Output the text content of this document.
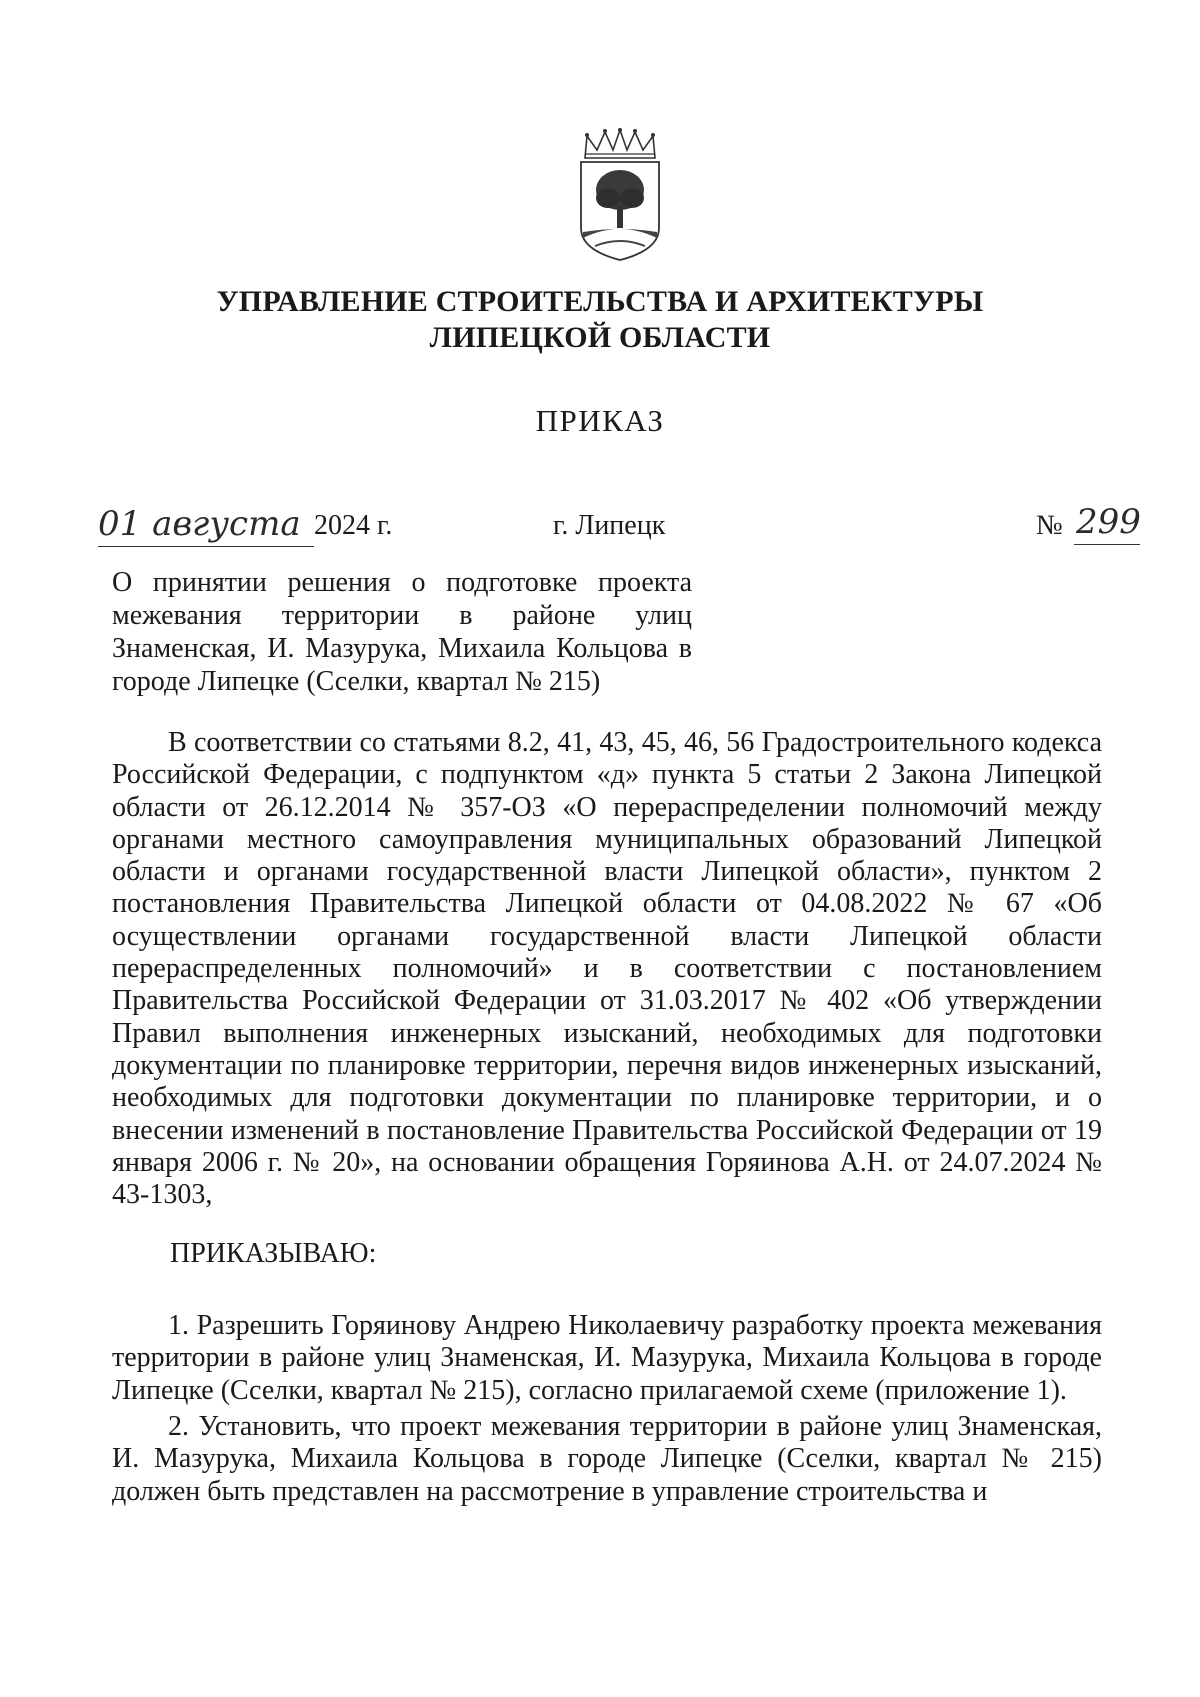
УПРАВЛЕНИЕ СТРОИТЕЛЬСТВА И АРХИТЕКТУРЫ
ЛИПЕЦКОЙ ОБЛАСТИ
ПРИКАЗ
01 августа 2024 г.	г. Липецк	№ 299
О принятии решения о подготовке проекта межевания территории в районе улиц Знаменская, И. Мазурука, Михаила Кольцова в городе Липецке (Сселки, квартал № 215)
В соответствии со статьями 8.2, 41, 43, 45, 46, 56 Градостроительного кодекса Российской Федерации, с подпунктом «д» пункта 5 статьи 2 Закона Липецкой области от 26.12.2014 № 357-ОЗ «О перераспределении полномочий между органами местного самоуправления муниципальных образований Липецкой области и органами государственной власти Липецкой области», пунктом 2 постановления Правительства Липецкой области от 04.08.2022 № 67 «Об осуществлении органами государственной власти Липецкой области перераспределенных полномочий» и в соответствии с постановлением Правительства Российской Федерации от 31.03.2017 № 402 «Об утверждении Правил выполнения инженерных изысканий, необходимых для подготовки документации по планировке территории, перечня видов инженерных изысканий, необходимых для подготовки документации по планировке территории, и о внесении изменений в постановление Правительства Российской Федерации от 19 января 2006 г. № 20», на основании обращения Горяинова А.Н. от 24.07.2024 № 43-1303,
ПРИКАЗЫВАЮ:
1. Разрешить Горяинову Андрею Николаевичу разработку проекта межевания территории в районе улиц Знаменская, И. Мазурука, Михаила Кольцова в городе Липецке (Сселки, квартал № 215), согласно прилагаемой схеме (приложение 1).
2. Установить, что проект межевания территории в районе улиц Знаменская, И. Мазурука, Михаила Кольцова в городе Липецке (Сселки, квартал № 215) должен быть представлен на рассмотрение в управление строительства и
